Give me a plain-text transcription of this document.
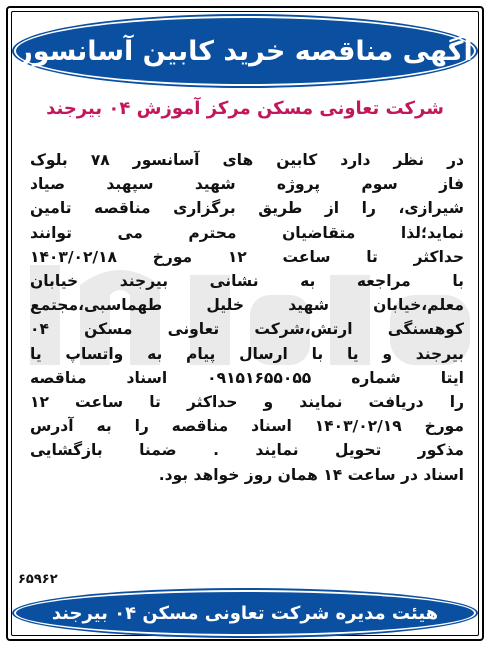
آگهی مناقصه خرید کابین آسانسور
شرکت تعاونی مسکن مرکز آموزش ۰۴ بیرجند
در نظر دارد کابین های آسانسور ۷۸ بلوک
فاز سوم پروژه شهید سپهبد صیاد
شیرازی، را از طریق برگزاری مناقصه تامین
نماید؛لذا متقاضیان محترم می توانند
حداکثر تا ساعت ۱۲ مورخ ۱۴۰۳/۰۲/۱۸
با مراجعه به نشانی بیرجند خیابان
معلم،خیابان شهید خلیل طهماسبی،مجتمع
کوهسنگی ارتش،شرکت تعاونی مسکن ۰۴
بیرجند و یا با ارسال پیام به واتساپ یا
ایتا شماره ۰۹۱۵۱۶۵۵۰۵۵ اسناد مناقصه
را دریافت نمایند و حداکثر تا ساعت ۱۲
مورخ ۱۴۰۳/۰۲/۱۹ اسناد مناقصه را به آدرس
مذکور تحویل نمایند . ضمنا بازگشایی
اسناد در ساعت ۱۴ همان روز خواهد بود.
۶۵۹۶۲
هیئت مدیره شرکت تعاونی مسکن ۰۴ بیرجند
